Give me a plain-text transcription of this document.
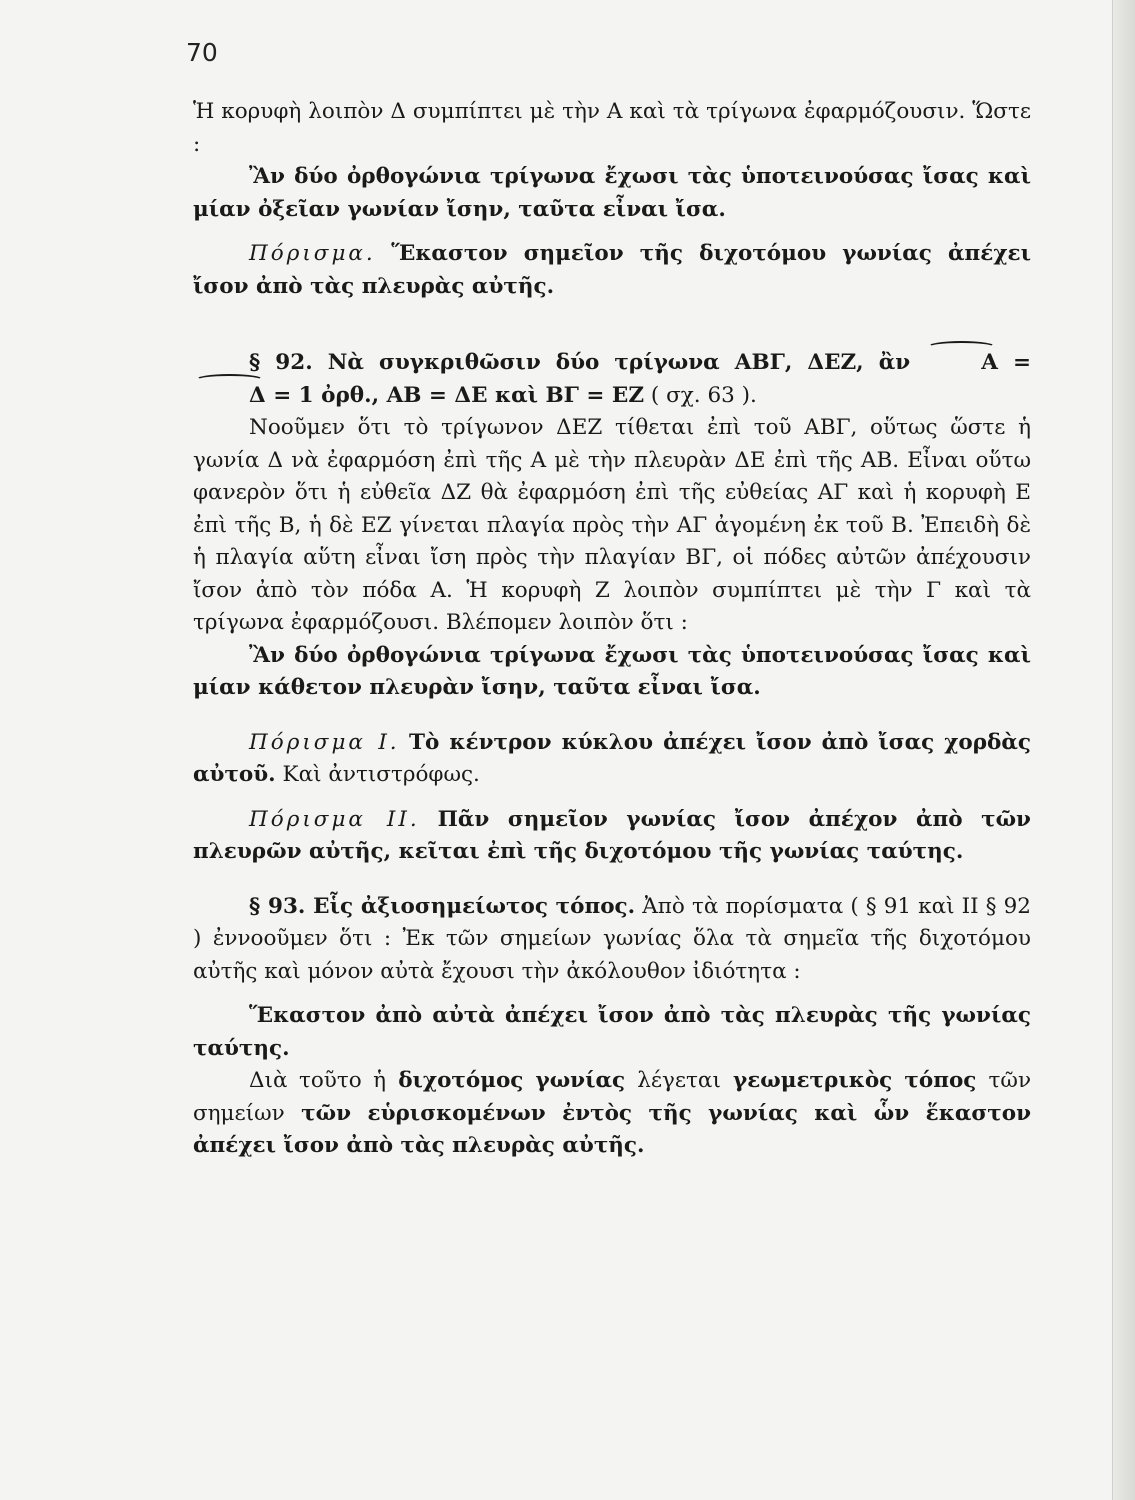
70

Ἡ κορυφὴ λοιπὸν Δ συμπίπτει μὲ τὴν Α καὶ τὰ τρίγωνα ἐφαρμόζουσιν. Ὥστε :

Ἂν δύο ὀρθογώνια τρίγωνα ἔχωσι τὰς ὑποτεινούσας ἴσας καὶ μίαν ὀξεῖαν γωνίαν ἴσην, ταῦτα εἶναι ἴσα.

Πόρισμα. Ἕκαστον σημεῖον τῆς διχοτόμου γωνίας ἀπέχει ἴσον ἀπὸ τὰς πλευρὰς αὐτῆς.

§ 92. Νὰ συγκριθῶσιν δύο τρίγωνα ΑΒΓ, ΔΕΖ, ἂν	Α = Δ = 1 ὀρθ., ΑΒ = ΔΕ καὶ ΒΓ = ΕΖ ( σχ. 63 ).

Νοοῦμεν ὅτι τὸ τρίγωνον ΔΕΖ τίθεται ἐπὶ τοῦ ΑΒΓ, οὕτως ὥστε ἡ γωνία Δ νὰ ἐφαρμόση ἐπὶ τῆς Α μὲ τὴν πλευρὰν ΔΕ ἐπὶ τῆς ΑΒ. Εἶναι οὕτω φανερὸν ὅτι ἡ εὐθεῖα ΔΖ θὰ ἐφαρμόση ἐπὶ τῆς εὐθείας ΑΓ καὶ ἡ κορυφὴ Ε ἐπὶ τῆς Β, ἡ δὲ ΕΖ γίνεται πλαγία πρὸς τὴν ΑΓ ἀγομένη ἐκ τοῦ Β. Ἐπειδὴ δὲ ἡ πλαγία αὕτη εἶναι ἴση πρὸς τὴν πλαγίαν ΒΓ, οἱ πόδες αὐτῶν ἀπέχουσιν ἴσον ἀπὸ τὸν πόδα Α. Ἡ κορυφὴ Ζ λοιπὸν συμπίπτει μὲ τὴν Γ καὶ τὰ τρίγωνα ἐφαρμόζουσι. Βλέπομεν λοιπὸν ὅτι :

Ἂν δύο ὀρθογώνια τρίγωνα ἔχωσι τὰς ὑποτεινούσας ἴσας καὶ μίαν κάθετον πλευρὰν ἴσην, ταῦτα εἶναι ἴσα.

Πόρισμα Ι. Τὸ κέντρον κύκλου ἀπέχει ἴσον ἀπὸ ἴσας χορδὰς αὐτοῦ. Καὶ ἀντιστρόφως.

Πόρισμα ΙΙ. Πᾶν σημεῖον γωνίας ἴσον ἀπέχον ἀπὸ τῶν πλευρῶν αὐτῆς, κεῖται ἐπὶ τῆς διχοτόμου τῆς γωνίας ταύτης.

§ 93. Εἷς ἀξιοσημείωτος τόπος. Ἀπὸ τὰ πορίσματα ( § 91 καὶ ΙΙ § 92 ) ἐννοοῦμεν ὅτι : Ἐκ τῶν σημείων γωνίας ὅλα τὰ σημεῖα τῆς διχοτόμου αὐτῆς καὶ μόνον αὐτὰ ἔχουσι τὴν ἀκόλουθον ἰδιότητα :

Ἕκαστον ἀπὸ αὐτὰ ἀπέχει ἴσον ἀπὸ τὰς πλευρὰς τῆς γωνίας ταύτης.

Διὰ τοῦτο ἡ διχοτόμος γωνίας λέγεται γεωμετρικὸς τόπος τῶν σημείων τῶν εὑρισκομένων ἐντὸς τῆς γωνίας καὶ ὧν ἕκαστον ἀπέχει ἴσον ἀπὸ τὰς πλευρὰς αὐτῆς.
